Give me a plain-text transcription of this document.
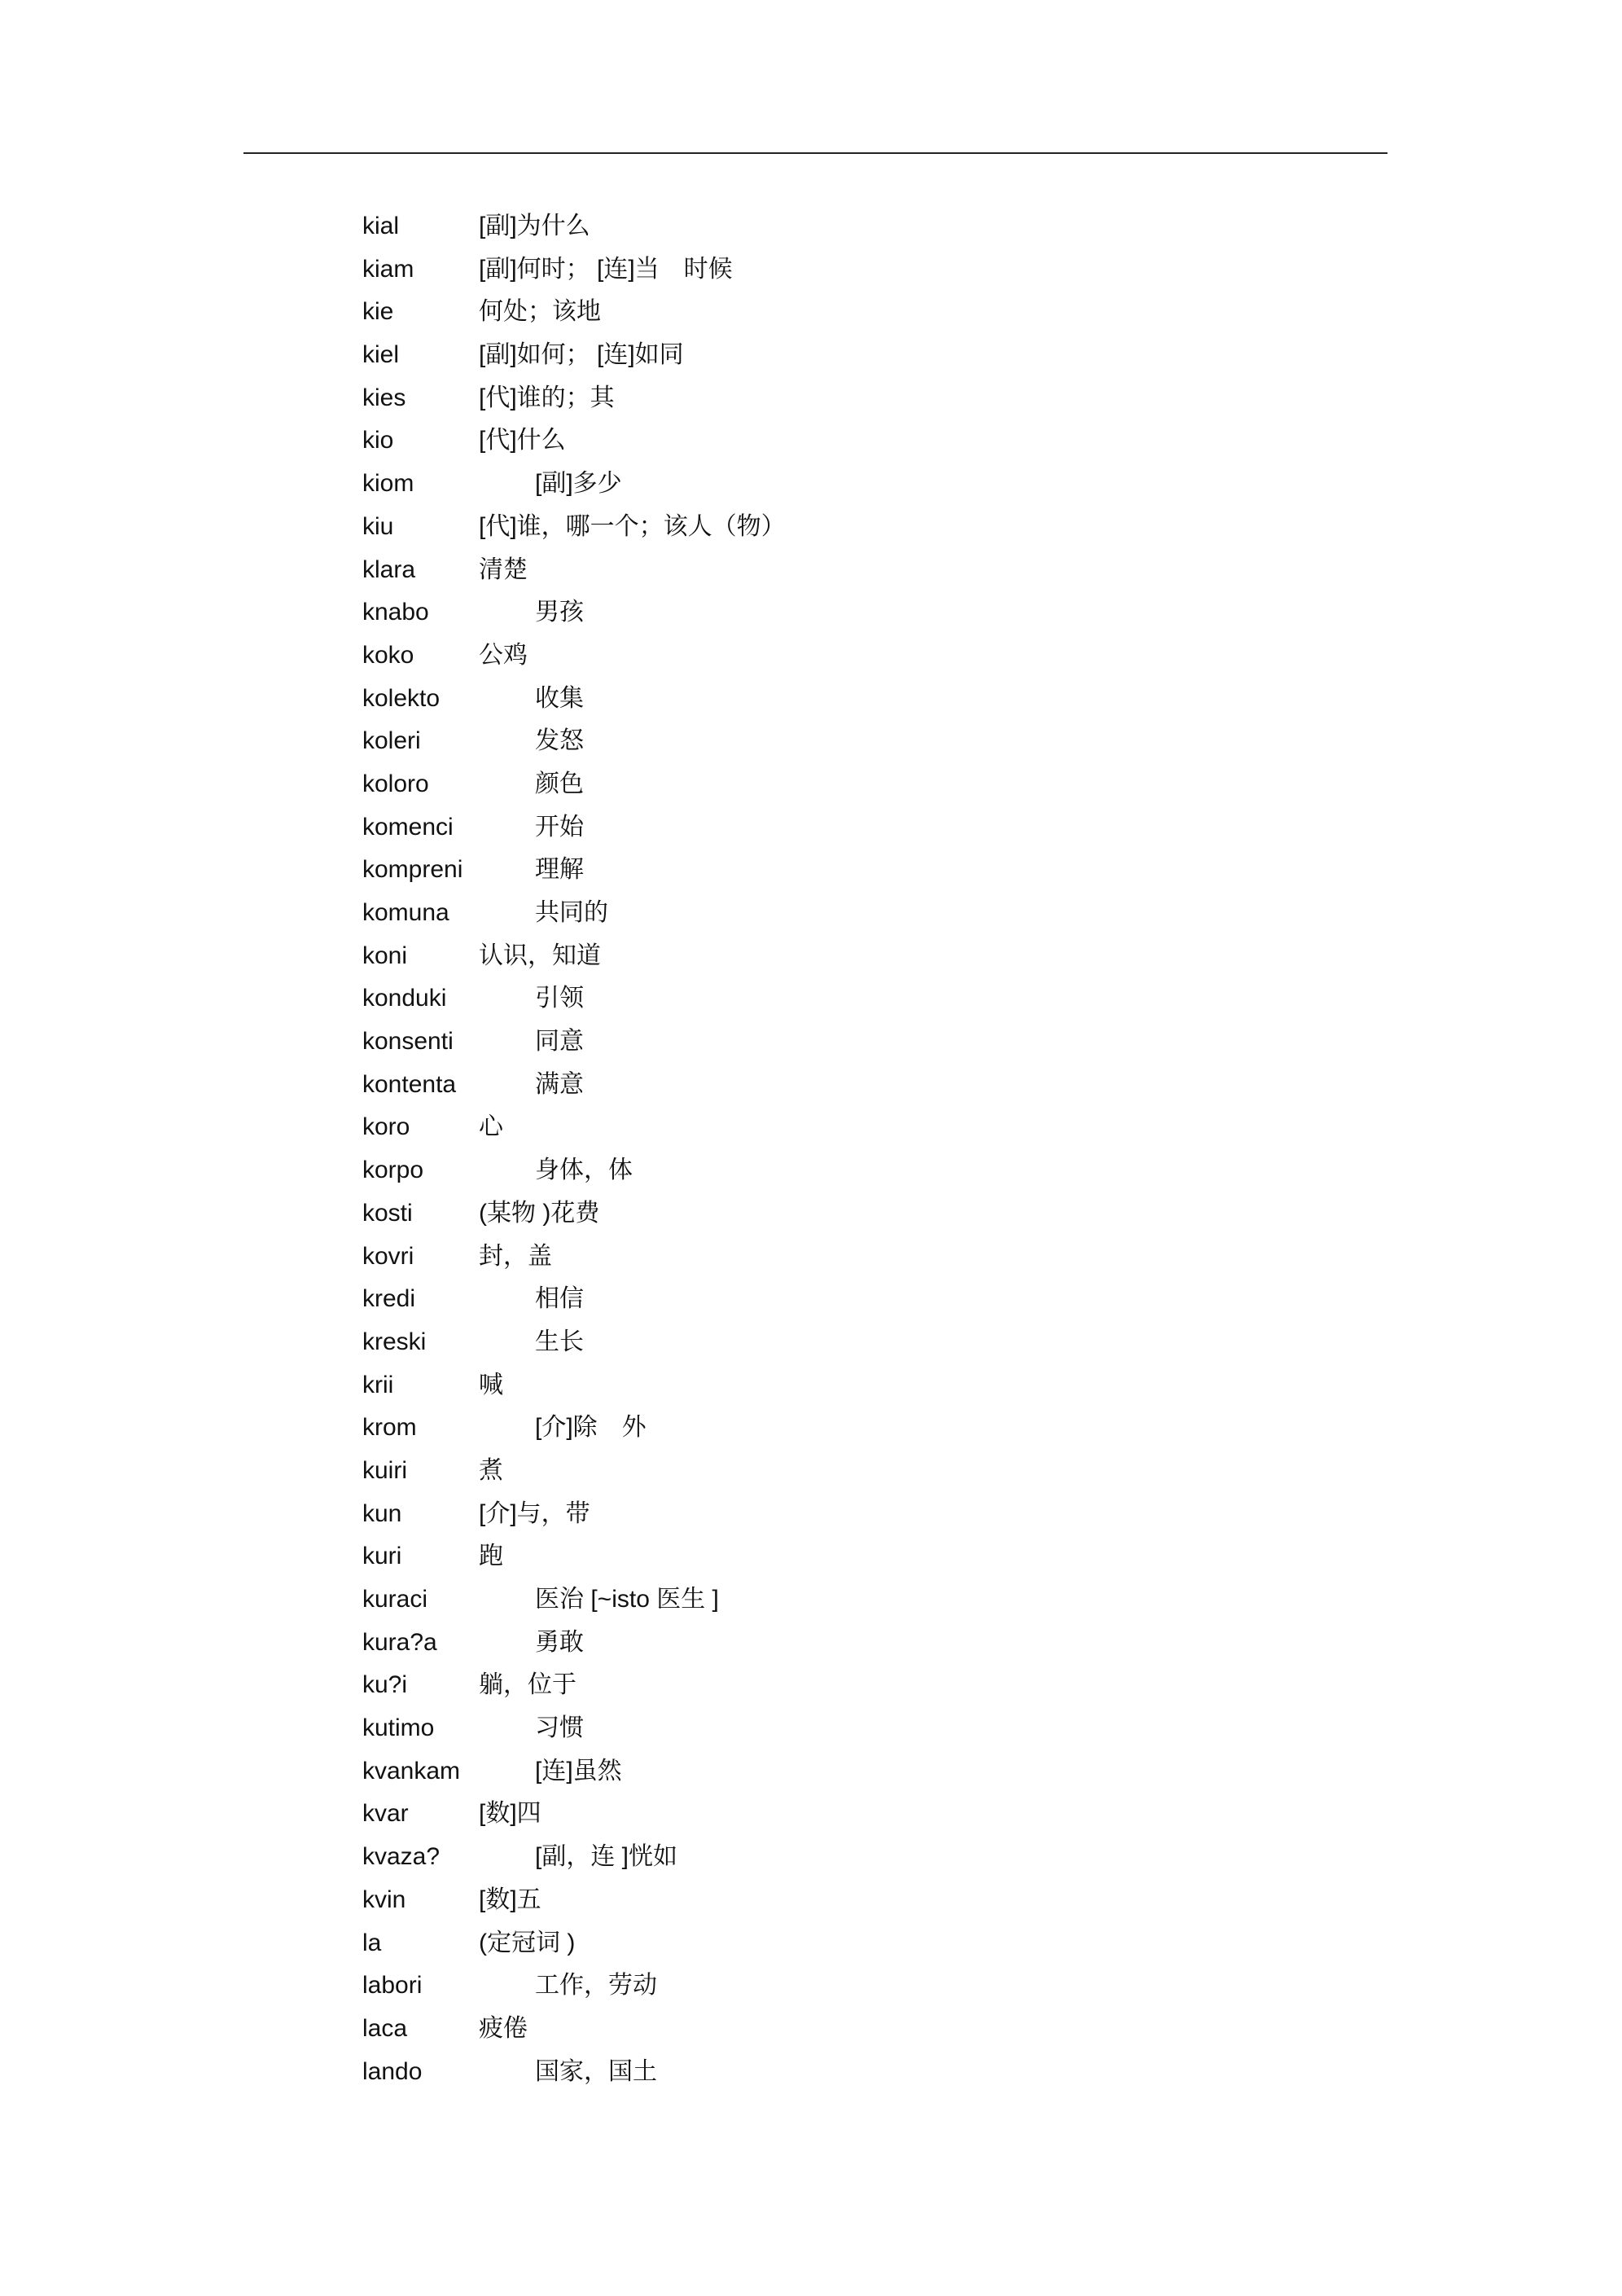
kial	[副]为什么
kiam	[副]何时； [连]当　时候
kie	何处；该地
kiel	[副]如何； [连]如同
kies	[代]谁的；其
kio	[代]什么
kiom	[副]多少
kiu	[代]谁，哪一个；该人（物）
klara	清楚
knabo	男孩
koko	公鸡
kolekto	收集
koleri	发怒
koloro	颜色
komenci	开始
kompreni	理解
komuna	共同的
koni	认识，知道
konduki	引领
konsenti	同意
kontenta	满意
koro	心
korpo	身体，体
kosti	(某物 )花费
kovri	封，盖
kredi	相信
kreski	生长
krii	喊
krom	[介]除　外
kuiri	煮
kun	[介]与，带
kuri	跑
kuraci	医治 [~isto 医生 ]
kura?a	勇敢
ku?i	躺，位于
kutimo	习惯
kvankam	[连]虽然
kvar	[数]四
kvaza?	[副，连 ]恍如
kvin	[数]五
la	(定冠词 )
labori	工作，劳动
laca	疲倦
lando	国家，国土
